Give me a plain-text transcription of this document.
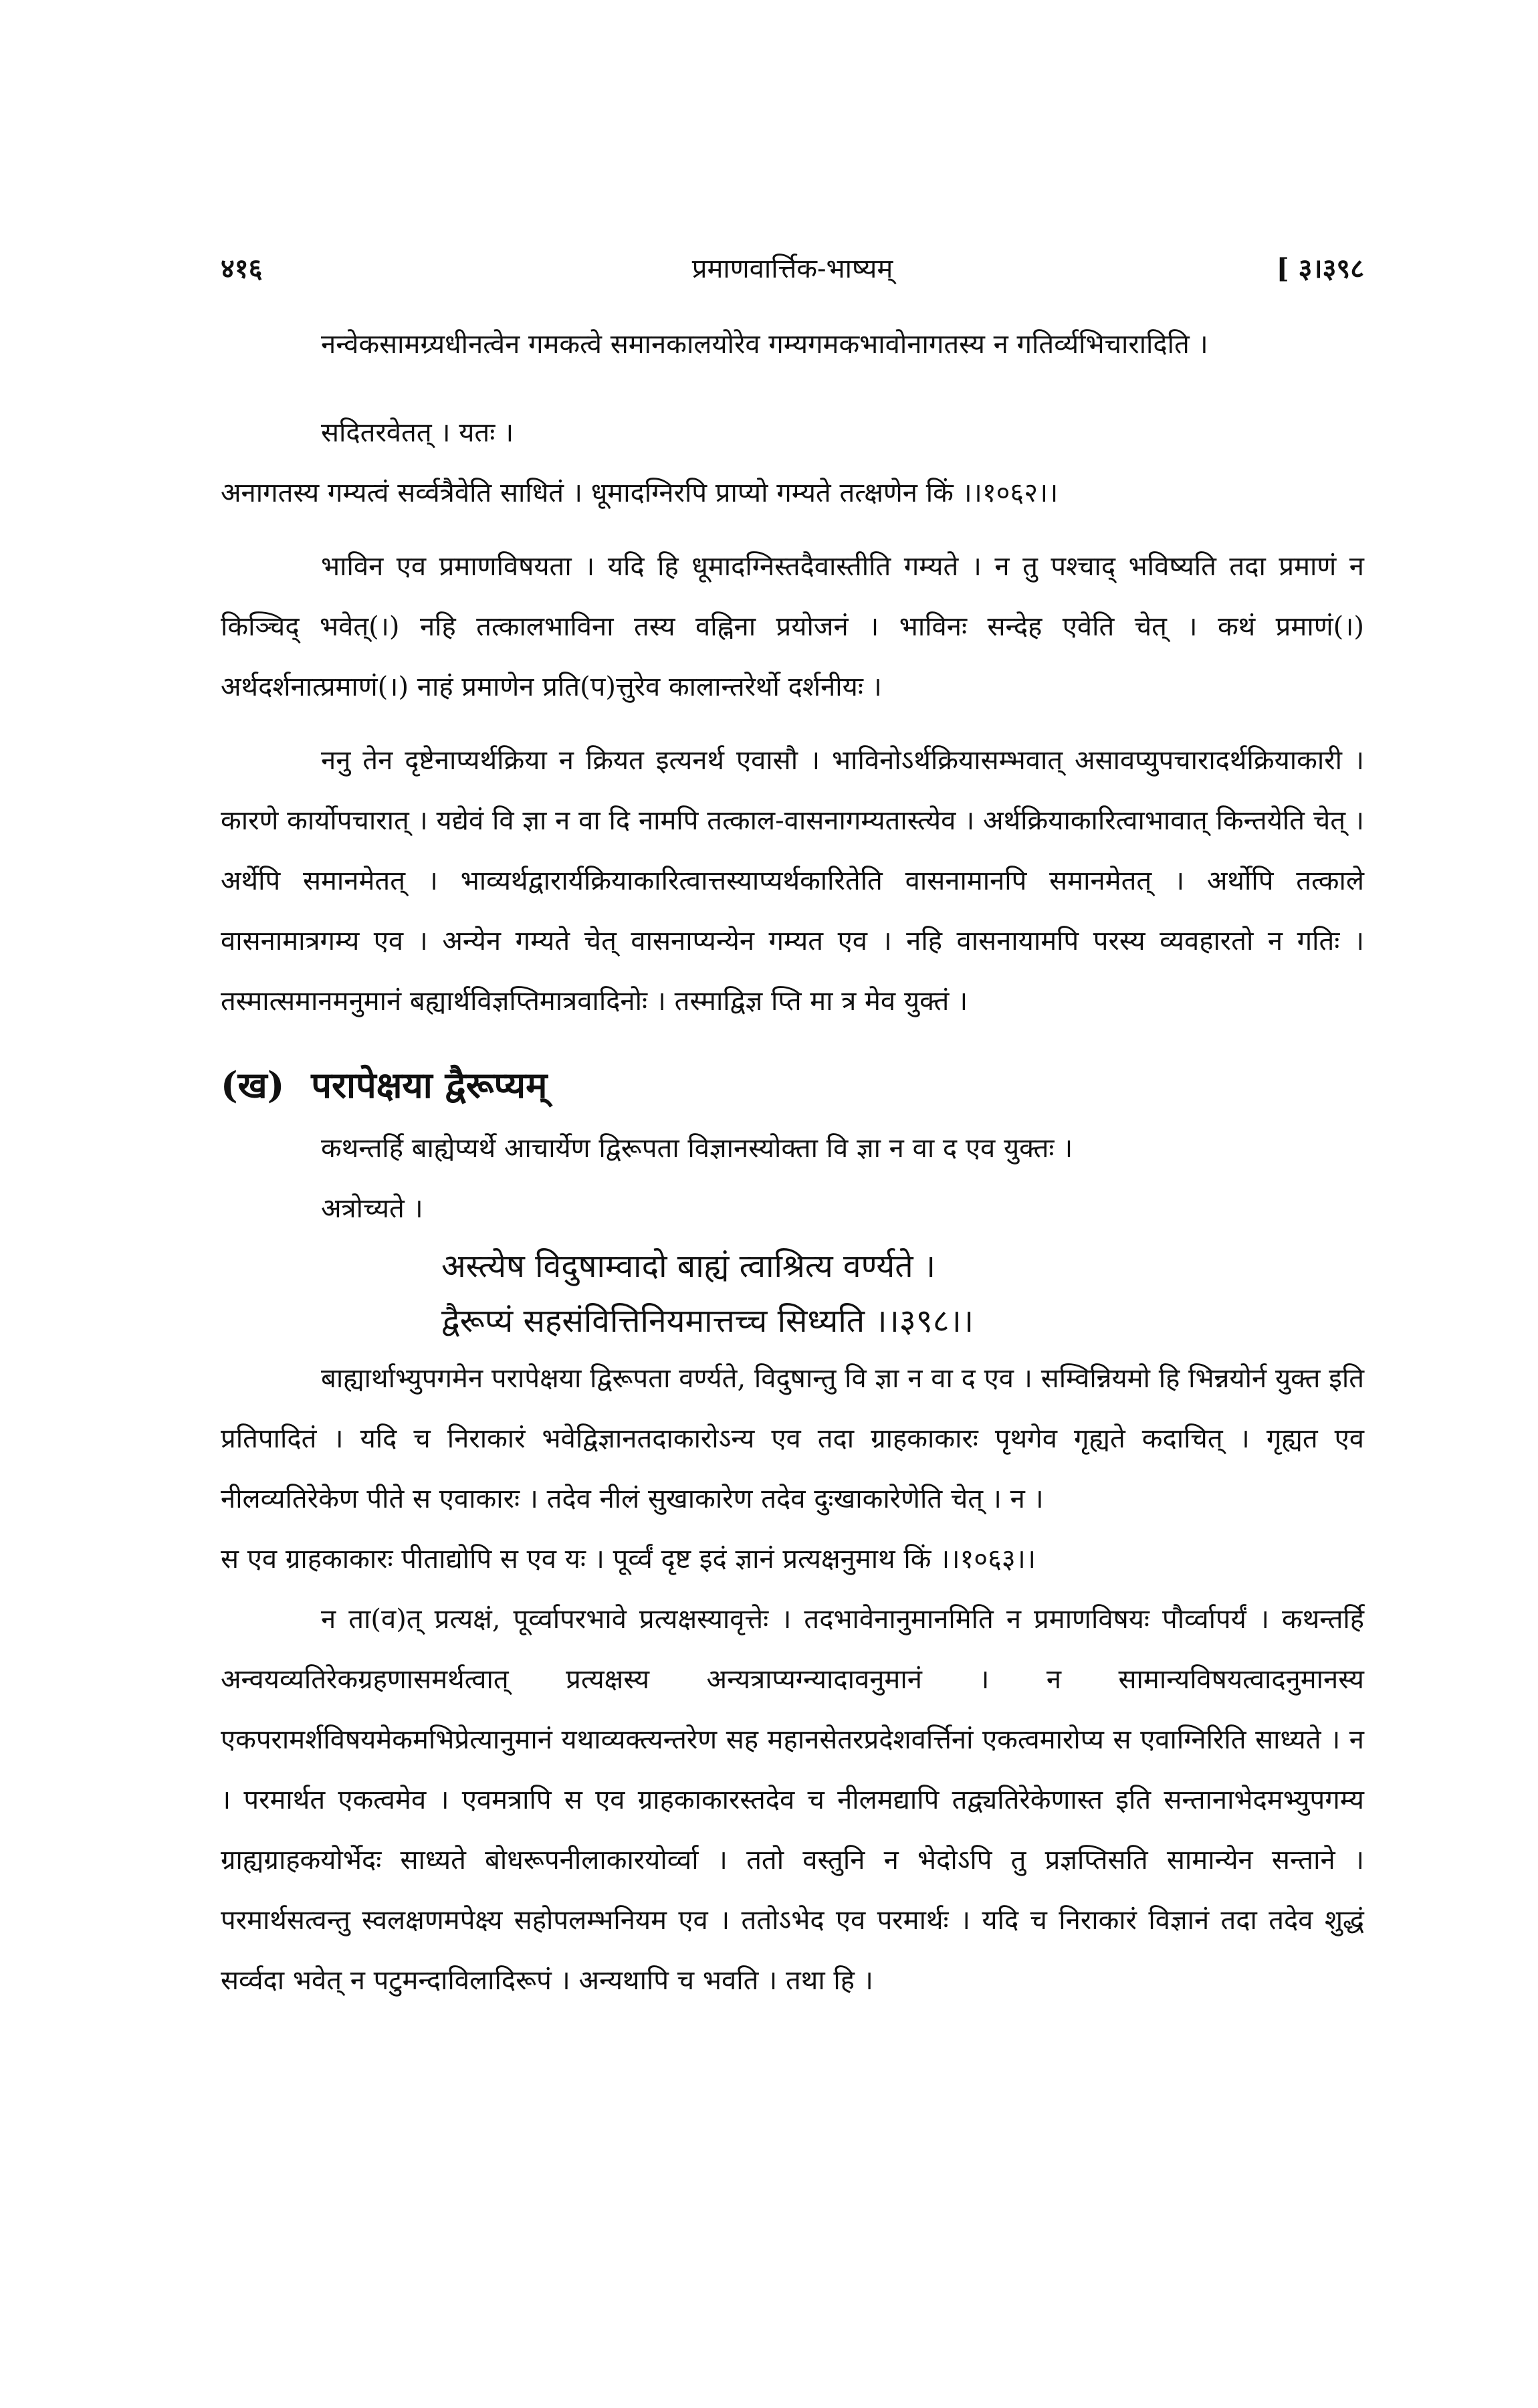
४१६	प्रमाणवार्त्तिक-भाष्यम्	[ ३।३९८

नन्वेकसामग्र्यधीनत्वेन गमकत्वे समानकालयोरेव गम्यगमकभावोनागतस्य न गतिर्व्यभिचारादिति ।

सदितरवेतत् । यतः ।

अनागतस्य गम्यत्वं सर्व्वत्रैवेति साधितं । धूमादग्निरपि प्राप्यो गम्यते तत्क्षणेन किं ।।१०६२।।

भाविन एव प्रमाणविषयता । यदि हि धूमादग्निस्तदैवास्तीति गम्यते । न तु पश्चाद् भविष्यति तदा प्रमाणं न किञ्चिद् भवेत्(।) नहि तत्कालभाविना तस्य वह्निना प्रयोजनं । भाविनः सन्देह एवेति चेत् । कथं प्रमाणं(।) अर्थदर्शनात्प्रमाणं(।) नाहं प्रमाणेन प्रति(प)त्तुरेव कालान्तरेर्थो दर्शनीयः ।

ननु तेन दृष्टेनाप्यर्थक्रिया न क्रियत इत्यनर्थ एवासौ । भाविनोऽर्थक्रियासम्भवात् असावप्युपचारादर्थक्रियाकारी । कारणे कार्योपचारात् । यद्येवं वि ज्ञा न वा दि नामपि तत्काल-वासनागम्यतास्त्येव । अर्थक्रियाकारित्वाभावात् किन्तयेति चेत् । अर्थेपि समानमेतत् । भाव्यर्थद्वारार्यक्रियाकारित्वात्तस्याप्यर्थकारितेति वासनामानपि समानमेतत् । अर्थोपि तत्काले वासनामात्रगम्य एव । अन्येन गम्यते चेत् वासनाप्यन्येन गम्यत एव । नहि वासनायामपि परस्य व्यवहारतो न गतिः । तस्मात्समानमनुमानं बह्यार्थविज्ञप्तिमात्रवादिनोः । तस्माद्विज्ञ प्ति मा त्र मेव युक्तं ।

(ख) परापेक्षया द्वैरूप्यम्

कथन्तर्हि बाह्येप्यर्थे आचार्येण द्विरूपता विज्ञानस्योक्ता वि ज्ञा न वा द एव युक्तः ।

अत्रोच्यते ।

अस्त्येष विदुषाम्वादो बाह्यं त्वाश्रित्य वर्ण्यते ।

द्वैरूप्यं सहसंवित्तिनियमात्तच्च सिध्यति ।।३९८।।

बाह्यार्थाभ्युपगमेन परापेक्षया द्विरूपता वर्ण्यते, विदुषान्तु वि ज्ञा न वा द एव । सम्विन्नियमो हि भिन्नयोर्न युक्त इति प्रतिपादितं । यदि च निराकारं भवेद्विज्ञानतदाकारोऽन्य एव तदा ग्राहकाकारः पृथगेव गृह्यते कदाचित् । गृह्यत एव नीलव्यतिरेकेण पीते स एवाकारः । तदेव नीलं सुखाकारेण तदेव दुःखाकारेणेति चेत् । न ।

स एव ग्राहकाकारः पीताद्योपि स एव यः । पूर्व्वं दृष्ट इदं ज्ञानं प्रत्यक्षनुमाथ किं ।।१०६३।।

न ता(व)त् प्रत्यक्षं, पूर्व्वापरभावे प्रत्यक्षस्यावृत्तेः । तदभावेनानुमानमिति न प्रमाणविषयः पौर्व्वापर्यं । कथन्तर्हि अन्वयव्यतिरेकग्रहणासमर्थत्वात् प्रत्यक्षस्य अन्यत्राप्यग्न्यादावनुमानं । न सामान्यविषयत्वादनुमानस्य एकपरामर्शविषयमेकमभिप्रेत्यानुमानं यथाव्यक्त्यन्तरेण सह महानसेतरप्रदेशवर्त्तिनां एकत्वमारोप्य स एवाग्निरिति साध्यते । न । परमार्थत एकत्वमेव । एवमत्रापि स एव ग्राहकाकारस्तदेव च नीलमद्यापि तद्व्यतिरेकेणास्त इति सन्तानाभेदमभ्युपगम्य ग्राह्यग्राहकयोर्भेदः साध्यते बोधरूपनीलाकारयोर्व्वा । ततो वस्तुनि न भेदोऽपि तु प्रज्ञप्तिसति सामान्येन सन्ताने । परमार्थसत्वन्तु स्वलक्षणमपेक्ष्य सहोपलम्भनियम एव । ततोऽभेद एव परमार्थः । यदि च निराकारं विज्ञानं तदा तदेव शुद्धं सर्व्वदा भवेत् न पटुमन्दाविलादिरूपं । अन्यथापि च भवति । तथा हि ।
